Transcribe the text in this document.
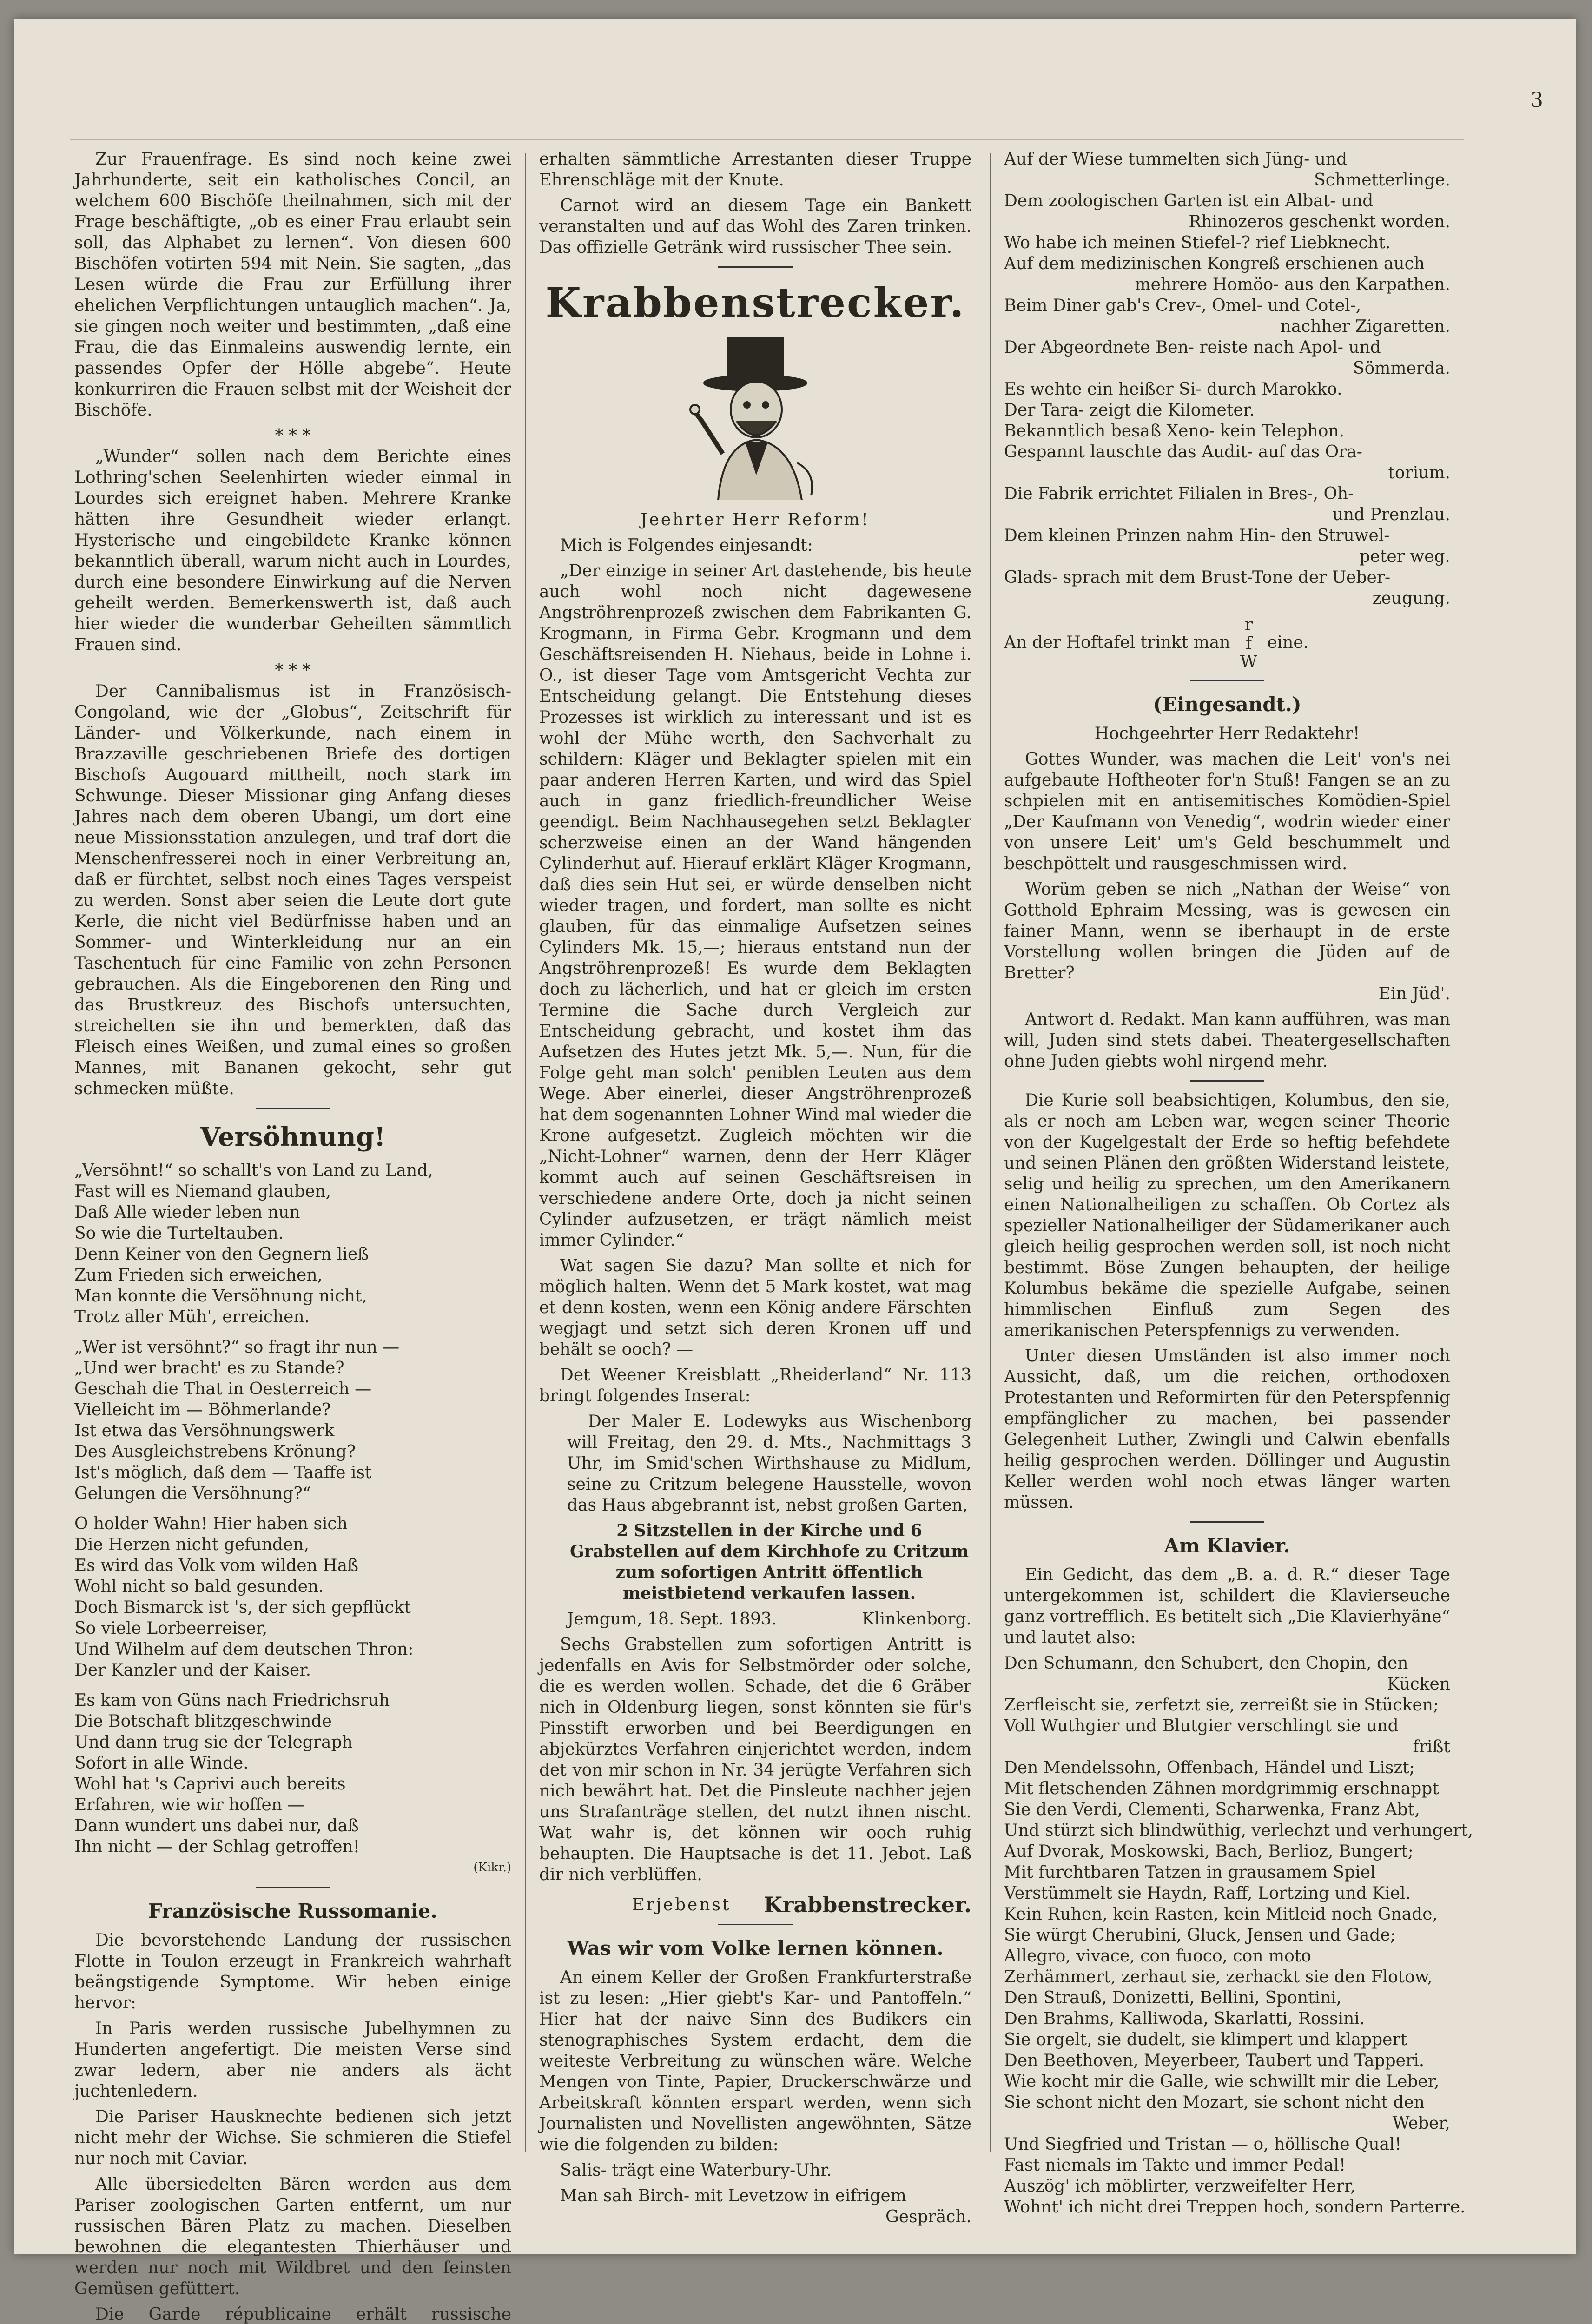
3

Zur Frauenfrage. Es sind noch keine zwei Jahrhunderte, seit ein katholisches Concil, an welchem 600 Bischöfe theilnahmen, sich mit der Frage beschäftigte, „ob es einer Frau erlaubt sein soll, das Alphabet zu lernen“. Von diesen 600 Bischöfen votirten 594 mit Nein. Sie sagten, „das Lesen würde die Frau zur Erfüllung ihrer ehelichen Verpflichtungen untauglich machen“. Ja, sie gingen noch weiter und bestimmten, „daß eine Frau, die das Einmaleins auswendig lernte, ein passendes Opfer der Hölle abgebe“. Heute konkurriren die Frauen selbst mit der Weisheit der Bischöfe.

* * *

„Wunder“ sollen nach dem Berichte eines Lothring'schen Seelenhirten wieder einmal in Lourdes sich ereignet haben. Mehrere Kranke hätten ihre Gesundheit wieder erlangt. Hysterische und eingebildete Kranke können bekanntlich überall, warum nicht auch in Lourdes, durch eine besondere Einwirkung auf die Nerven geheilt werden. Bemerkenswerth ist, daß auch hier wieder die wunderbar Geheilten sämmtlich Frauen sind.

* * *

Der Cannibalismus ist in Französisch-Congoland, wie der „Globus“, Zeitschrift für Länder- und Völkerkunde, nach einem in Brazzaville geschriebenen Briefe des dortigen Bischofs Augouard mittheilt, noch stark im Schwunge. Dieser Missionar ging Anfang dieses Jahres nach dem oberen Ubangi, um dort eine neue Missionsstation anzulegen, und traf dort die Menschenfresserei noch in einer Verbreitung an, daß er fürchtet, selbst noch eines Tages verspeist zu werden. Sonst aber seien die Leute dort gute Kerle, die nicht viel Bedürfnisse haben und an Sommer- und Winterkleidung nur an ein Taschentuch für eine Familie von zehn Personen gebrauchen. Als die Eingeborenen den Ring und das Brustkreuz des Bischofs untersuchten, streichelten sie ihn und bemerkten, daß das Fleisch eines Weißen, und zumal eines so großen Mannes, mit Bananen gekocht, sehr gut schmecken müßte.

Versöhnung!
„Versöhnt!“ so schallt's von Land zu Land,
Fast will es Niemand glauben,
Daß Alle wieder leben nun
So wie die Turteltauben.
Denn Keiner von den Gegnern ließ
Zum Frieden sich erweichen,
Man konnte die Versöhnung nicht,
Trotz aller Müh', erreichen.
„Wer ist versöhnt?“ so fragt ihr nun —
„Und wer bracht' es zu Stande?
Geschah die That in Oesterreich —
Vielleicht im — Böhmerlande?
Ist etwa das Versöhnungswerk
Des Ausgleichstrebens Krönung?
Ist's möglich, daß dem — Taaffe ist
Gelungen die Versöhnung?“
O holder Wahn! Hier haben sich
Die Herzen nicht gefunden,
Es wird das Volk vom wilden Haß
Wohl nicht so bald gesunden.
Doch Bismarck ist 's, der sich gepflückt
So viele Lorbeerreiser,
Und Wilhelm auf dem deutschen Thron:
Der Kanzler und der Kaiser.
Es kam von Güns nach Friedrichsruh
Die Botschaft blitzgeschwinde
Und dann trug sie der Telegraph
Sofort in alle Winde.
Wohl hat 's Caprivi auch bereits
Erfahren, wie wir hoffen —
Dann wundert uns dabei nur, daß
Ihn nicht — der Schlag getroffen!

(Kikr.)

Französische Russomanie.

Die bevorstehende Landung der russischen Flotte in Toulon erzeugt in Frankreich wahrhaft beängstigende Symptome. Wir heben einige hervor:

In Paris werden russische Jubelhymnen zu Hunderten angefertigt. Die meisten Verse sind zwar ledern, aber nie anders als ächt juchtenledern.

Die Pariser Hausknechte bedienen sich jetzt nicht mehr der Wichse. Sie schmieren die Stiefel nur noch mit Caviar.

Alle übersiedelten Bären werden aus dem Pariser zoologischen Garten entfernt, um nur russischen Bären Platz zu machen. Dieselben bewohnen die elegantesten Thierhäuser und werden nur noch mit Wildbret und den feinsten Gemüsen gefüttert.

Die Garde républicaine erhält russische

erhalten sämmtliche Arrestanten dieser Truppe Ehrenschläge mit der Knute.

Carnot wird an diesem Tage ein Bankett veranstalten und auf das Wohl des Zaren trinken. Das offizielle Getränk wird russischer Thee sein.

Krabbenstrecker.

Jeehrter Herr Reform!

Mich is Folgendes einjesandt:

„Der einzige in seiner Art dastehende, bis heute auch wohl noch nicht dagewesene Angströhrenprozeß zwischen dem Fabrikanten G. Krogmann, in Firma Gebr. Krogmann und dem Geschäftsreisenden H. Niehaus, beide in Lohne i. O., ist dieser Tage vom Amtsgericht Vechta zur Entscheidung gelangt. Die Entstehung dieses Prozesses ist wirklich zu interessant und ist es wohl der Mühe werth, den Sachverhalt zu schildern: Kläger und Beklagter spielen mit ein paar anderen Herren Karten, und wird das Spiel auch in ganz friedlich-freundlicher Weise geendigt. Beim Nachhausegehen setzt Beklagter scherzweise einen an der Wand hängenden Cylinderhut auf. Hierauf erklärt Kläger Krogmann, daß dies sein Hut sei, er würde denselben nicht wieder tragen, und fordert, man sollte es nicht glauben, für das einmalige Aufsetzen seines Cylinders Mk. 15,—; hieraus entstand nun der Angströhrenprozeß! Es wurde dem Beklagten doch zu lächerlich, und hat er gleich im ersten Termine die Sache durch Vergleich zur Entscheidung gebracht, und kostet ihm das Aufsetzen des Hutes jetzt Mk. 5,—. Nun, für die Folge geht man solch' peniblen Leuten aus dem Wege. Aber einerlei, dieser Angströhrenprozeß hat dem sogenannten Lohner Wind mal wieder die Krone aufgesetzt. Zugleich möchten wir die „Nicht-Lohner“ warnen, denn der Herr Kläger kommt auch auf seinen Geschäftsreisen in verschiedene andere Orte, doch ja nicht seinen Cylinder aufzusetzen, er trägt nämlich meist immer Cylinder.“

Wat sagen Sie dazu? Man sollte et nich for möglich halten. Wenn det 5 Mark kostet, wat mag et denn kosten, wenn een König andere Färschten wegjagt und setzt sich deren Kronen uff und behält se ooch? —

Det Weener Kreisblatt „Rheiderland“ Nr. 113 bringt folgendes Inserat:

Der Maler E. Lodewyks aus Wischenborg will Freitag, den 29. d. Mts., Nachmittags 3 Uhr, im Smid'schen Wirthshause zu Midlum, seine zu Critzum belegene Hausstelle, wovon das Haus abgebrannt ist, nebst großen Garten,

2 Sitzstellen in der Kirche und 6 Grabstellen auf dem Kirchhofe zu Critzum zum sofortigen Antritt öffentlich meistbietend verkaufen lassen.

Jemgum, 18. Sept. 1893.	Klinkenborg.

Sechs Grabstellen zum sofortigen Antritt is jedenfalls en Avis for Selbstmörder oder solche, die es werden wollen. Schade, det die 6 Gräber nich in Oldenburg liegen, sonst könnten sie für's Pinsstift erworben und bei Beerdigungen en abjekürztes Verfahren einjerichtet werden, indem det von mir schon in Nr. 34 jerügte Verfahren sich nich bewährt hat. Det die Pinsleute nachher jejen uns Strafanträge stellen, det nutzt ihnen nischt. Wat wahr is, det können wir ooch ruhig behaupten. Die Hauptsache is det 11. Jebot. Laß dir nich verblüffen.

Erjebenst Krabbenstrecker.

Was wir vom Volke lernen können.

An einem Keller der Großen Frankfurterstraße ist zu lesen: „Hier giebt's Kar- und Pantoffeln.“ Hier hat der naive Sinn des Budikers ein stenographisches System erdacht, dem die weiteste Verbreitung zu wünschen wäre. Welche Mengen von Tinte, Papier, Druckerschwärze und Arbeitskraft könnten erspart werden, wenn sich Journalisten und Novellisten angewöhnten, Sätze wie die folgenden zu bilden:

Salis- trägt eine Waterbury-Uhr.

Man sah Birch- mit Levetzow in eifrigem

Gespräch.

Auf der Wiese tummelten sich Jüng- und
Schmetterlinge.
Dem zoologischen Garten ist ein Albat- und
Rhinozeros geschenkt worden.
Wo habe ich meinen Stiefel-? rief Liebknecht.
Auf dem medizinischen Kongreß erschienen auch
mehrere Homöo- aus den Karpathen.
Beim Diner gab's Crev-, Omel- und Cotel-,
nachher Zigaretten.
Der Abgeordnete Ben- reiste nach Apol- und
Sömmerda.
Es wehte ein heißer Si- durch Marokko.
Der Tara- zeigt die Kilometer.
Bekanntlich besaß Xeno- kein Telephon.
Gespannt lauschte das Audit- auf das Ora-
torium.
Die Fabrik errichtet Filialen in Bres-, Oh-
und Prenzlau.
Dem kleinen Prinzen nahm Hin- den Struwel-
peter weg.
Glads- sprach mit dem Brust-Tone der Ueber-
zeugung.

An der Hoftafel trinkt man r
f
W eine.

(Eingesandt.)

Hochgeehrter Herr Redaktehr!

Gottes Wunder, was machen die Leit' von's nei aufgebaute Hoftheoter for'n Stuß! Fangen se an zu schpielen mit en antisemitisches Komödien-Spiel „Der Kaufmann von Venedig“, wodrin wieder einer von unsere Leit' um's Geld beschummelt und beschpöttelt und rausgeschmissen wird.

Worüm geben se nich „Nathan der Weise“ von Gotthold Ephraim Messing, was is gewesen ein fainer Mann, wenn se iberhaupt in de erste Vorstellung wollen bringen die Jüden auf de Bretter?

Ein Jüd'.

Antwort d. Redakt. Man kann aufführen, was man will, Juden sind stets dabei. Theatergesellschaften ohne Juden giebts wohl nirgend mehr.

Die Kurie soll beabsichtigen, Kolumbus, den sie, als er noch am Leben war, wegen seiner Theorie von der Kugelgestalt der Erde so heftig befehdete und seinen Plänen den größten Widerstand leistete, selig und heilig zu sprechen, um den Amerikanern einen Nationalheiligen zu schaffen. Ob Cortez als spezieller Nationalheiliger der Südamerikaner auch gleich heilig gesprochen werden soll, ist noch nicht bestimmt. Böse Zungen behaupten, der heilige Kolumbus bekäme die spezielle Aufgabe, seinen himmlischen Einfluß zum Segen des amerikanischen Peterspfennigs zu verwenden.

Unter diesen Umständen ist also immer noch Aussicht, daß, um die reichen, orthodoxen Protestanten und Reformirten für den Peterspfennig empfänglicher zu machen, bei passender Gelegenheit Luther, Zwingli und Calwin ebenfalls heilig gesprochen werden. Döllinger und Augustin Keller werden wohl noch etwas länger warten müssen.

Am Klavier.

Ein Gedicht, das dem „B. a. d. R.“ dieser Tage untergekommen ist, schildert die Klavierseuche ganz vortrefflich. Es betitelt sich „Die Klavierhyäne“ und lautet also:

Den Schumann, den Schubert, den Chopin, den
Kücken
Zerfleischt sie, zerfetzt sie, zerreißt sie in Stücken;
Voll Wuthgier und Blutgier verschlingt sie und
frißt
Den Mendelssohn, Offenbach, Händel und Liszt;
Mit fletschenden Zähnen mordgrimmig erschnappt
Sie den Verdi, Clementi, Scharwenka, Franz Abt,
Und stürzt sich blindwüthig, verlechzt und verhungert,
Auf Dvorak, Moskowski, Bach, Berlioz, Bungert;
Mit furchtbaren Tatzen in grausamem Spiel
Verstümmelt sie Haydn, Raff, Lortzing und Kiel.
Kein Ruhen, kein Rasten, kein Mitleid noch Gnade,
Sie würgt Cherubini, Gluck, Jensen und Gade;
Allegro, vivace, con fuoco, con moto
Zerhämmert, zerhaut sie, zerhackt sie den Flotow,
Den Strauß, Donizetti, Bellini, Spontini,
Den Brahms, Kalliwoda, Skarlatti, Rossini.
Sie orgelt, sie dudelt, sie klimpert und klappert
Den Beethoven, Meyerbeer, Taubert und Tapperi.
Wie kocht mir die Galle, wie schwillt mir die Leber,
Sie schont nicht den Mozart, sie schont nicht den
Weber,
Und Siegfried und Tristan — o, höllische Qual!
Fast niemals im Takte und immer Pedal!
Auszög' ich möblirter, verzweifelter Herr,
Wohnt' ich nicht drei Treppen hoch, sondern Parterre.
